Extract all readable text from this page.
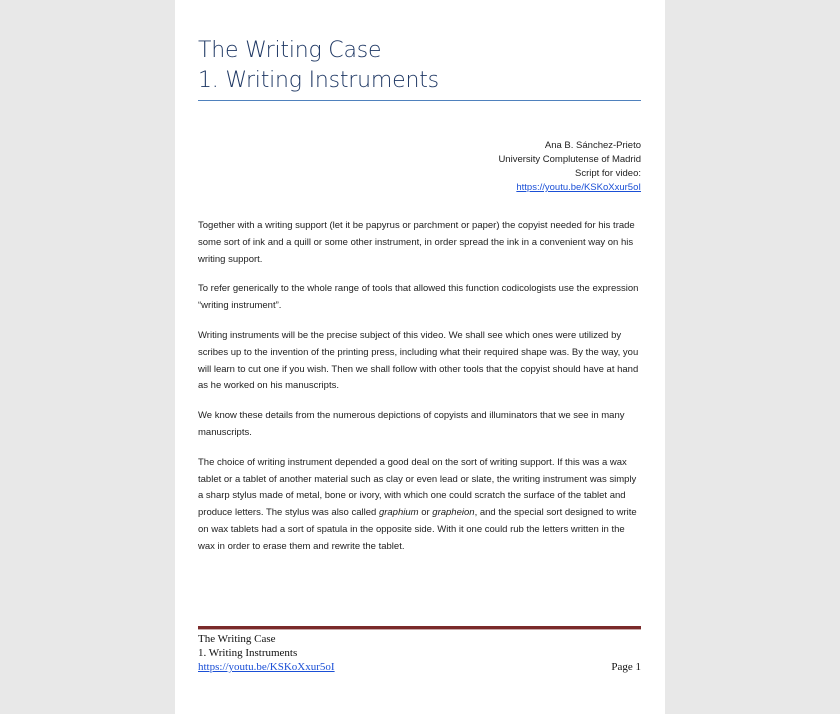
The Writing Case
1. Writing Instruments
Ana B. Sánchez-Prieto
University Complutense of Madrid
Script for video:
https://youtu.be/KSKoXxur5oI

Together with a writing support (let it be papyrus or parchment or paper) the copyist needed for his trade some sort of ink and a quill or some other instrument, in order spread the ink in a convenient way on his writing support.

To refer generically to the whole range of tools that allowed this function codicologists use the expression “writing instrument”.

Writing instruments will be the precise subject of this video. We shall see which ones were utilized by scribes up to the invention of the printing press, including what their required shape was. By the way, you will learn to cut one if you wish. Then we shall follow with other tools that the copyist should have at hand as he worked on his manuscripts.

We know these details from the numerous depictions of copyists and illuminators that we see in many manuscripts.

The choice of writing instrument depended a good deal on the sort of writing support. If this was a wax tablet or a tablet of another material such as clay or even lead or slate, the writing instrument was simply a sharp stylus made of metal, bone or ivory, with which one could scratch the surface of the tablet and produce letters. The stylus was also called graphium or grapheion, and the special sort designed to write on wax tablets had a sort of spatula in the opposite side. With it one could rub the letters written in the wax in order to erase them and rewrite the tablet.

The Writing Case
1. Writing Instruments
https://youtu.be/KSKoXxur5oI	Page 1
